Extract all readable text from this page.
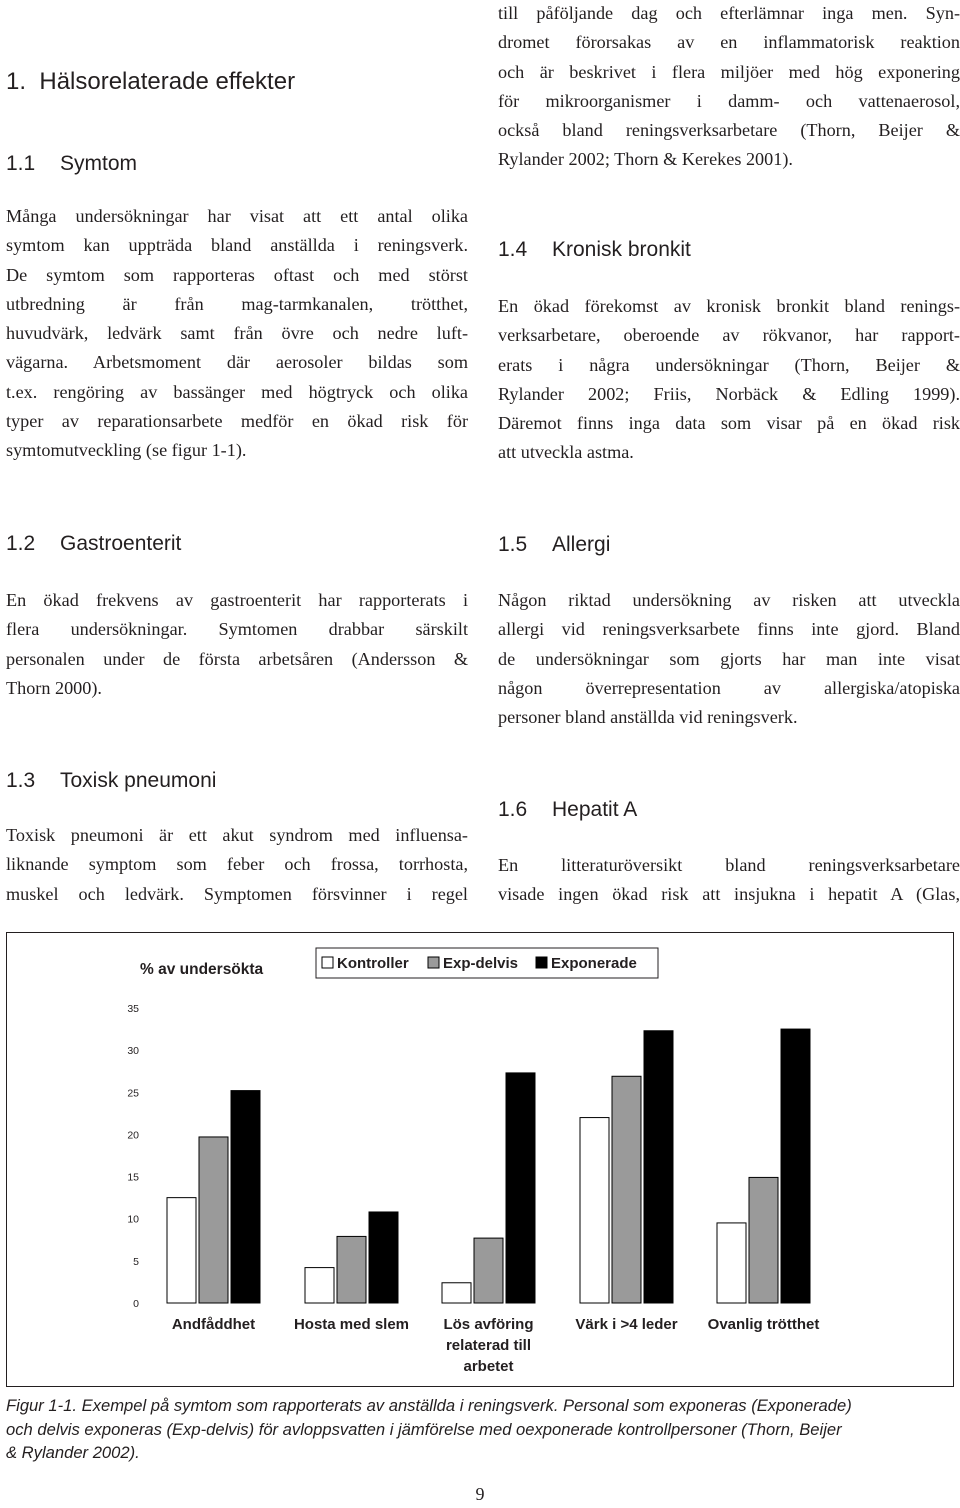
1. Hälsorelaterade effekter
1.1 Symtom
Många undersökningar har visat att ett antal olika
symtom kan uppträda bland anställda i reningsverk.
De symtom som rapporteras oftast och med störst
utbredning är från mag-tarmkanalen, trötthet,
huvudvärk, ledvärk samt från övre och nedre luft-
vägarna. Arbetsmoment där aerosoler bildas som
t.ex. rengöring av bassänger med högtryck och olika
typer av reparationsarbete medför en ökad risk för
symtomutveckling (se figur 1-1).
1.2 Gastroenterit
En ökad frekvens av gastroenterit har rapporterats i
flera undersökningar. Symtomen drabbar särskilt
personalen under de första arbetsåren (Andersson &
Thorn 2000).
1.3 Toxisk pneumoni
Toxisk pneumoni är ett akut syndrom med influensa-
liknande symptom som feber och frossa, torrhosta,
muskel och ledvärk. Symptomen försvinner i regel
till påföljande dag och efterlämnar inga men. Syn-
dromet förorsakas av en inflammatorisk reaktion
och är beskrivet i flera miljöer med hög exponering
för mikroorganismer i damm- och vattenaerosol,
också bland reningsverksarbetare (Thorn, Beijer &
Rylander 2002; Thorn & Kerekes 2001).
1.4 Kronisk bronkit
En ökad förekomst av kronisk bronkit bland renings-
verksarbetare, oberoende av rökvanor, har rapport-
erats i några undersökningar (Thorn, Beijer &
Rylander 2002; Friis, Norbäck & Edling 1999).
Däremot finns inga data som visar på en ökad risk
att utveckla astma.
1.5 Allergi
Någon riktad undersökning av risken att utveckla
allergi vid reningsverksarbete finns inte gjord. Bland
de undersökningar som gjorts har man inte visat
någon överrepresentation av allergiska/atopiska
personer bland anställda vid reningsverk.
1.6 Hepatit A
En litteraturöversikt bland reningsverksarbetare
visade ingen ökad risk att insjukna i hepatit A (Glas,
% av undersökta	Kontroller Exp-delvis Exponerade
0
5
10
15
20
25
30
35
Andfåddhet	Hosta med slem Lös avföring
relaterad till
arbetet
Värk i >4 leder Ovanlig trötthet
Figur 1-1. Exempel på symtom som rapporterats av anställda i reningsverk. Personal som exponeras (Exponerade)
och delvis exponeras (Exp-delvis) för avloppsvatten i jämförelse med oexponerade kontrollpersoner (Thorn, Beijer
& Rylander 2002).
9
